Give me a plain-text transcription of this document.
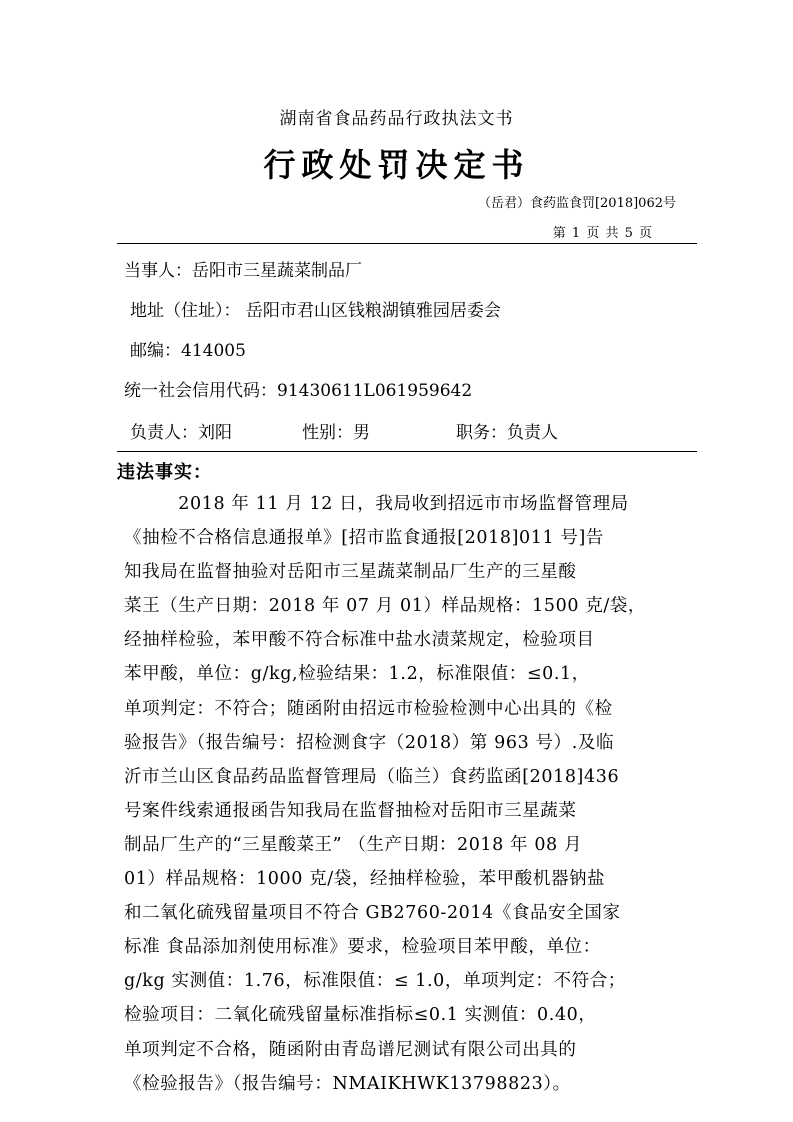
湖南省食品药品行政执法文书
行政处罚决定书
（岳君）食药监食罚[2018]062号
第 1 页 共 5 页
当事人：岳阳市三星蔬菜制品厂
地址（住址）： 岳阳市君山区钱粮湖镇雅园居委会
邮编：414005
统一社会信用代码：91430611L061959642
负责人：刘阳	性别：男	职务：负责人
违法事实：
　　　2018 年 11 月 12 日，我局收到招远市市场监督管理局
《抽检不合格信息通报单》[招市监食通报[2018]011 号]告
知我局在监督抽验对岳阳市三星蔬菜制品厂生产的三星酸
菜王（生产日期：2018 年 07 月 01）样品规格：1500 克/袋，
经抽样检验，苯甲酸不符合标准中盐水渍菜规定，检验项目
苯甲酸，单位：g/kg,检验结果：1.2，标准限值：≤0.1，
单项判定：不符合；随函附由招远市检验检测中心出具的《检
验报告》（报告编号：招检测食字（2018）第 963 号）.及临
沂市兰山区食品药品监督管理局（临兰）食药监函[2018]436
号案件线索通报函告知我局在监督抽检对岳阳市三星蔬菜
制品厂生产的“三星酸菜王” （生产日期：2018 年 08 月
01）样品规格：1000 克/袋，经抽样检验，苯甲酸机器钠盐
和二氧化硫残留量项目不符合 GB2760-2014《食品安全国家
标准 食品添加剂使用标准》要求，检验项目苯甲酸，单位：
g/kg 实测值：1.76，标准限值：≤ 1.0，单项判定：不符合；
检验项目：二氧化硫残留量标准指标≤0.1 实测值：0.40，
单项判定不合格，随函附由青岛谱尼测试有限公司出具的
《检验报告》（报告编号：NMAIKHWK13798823）。
